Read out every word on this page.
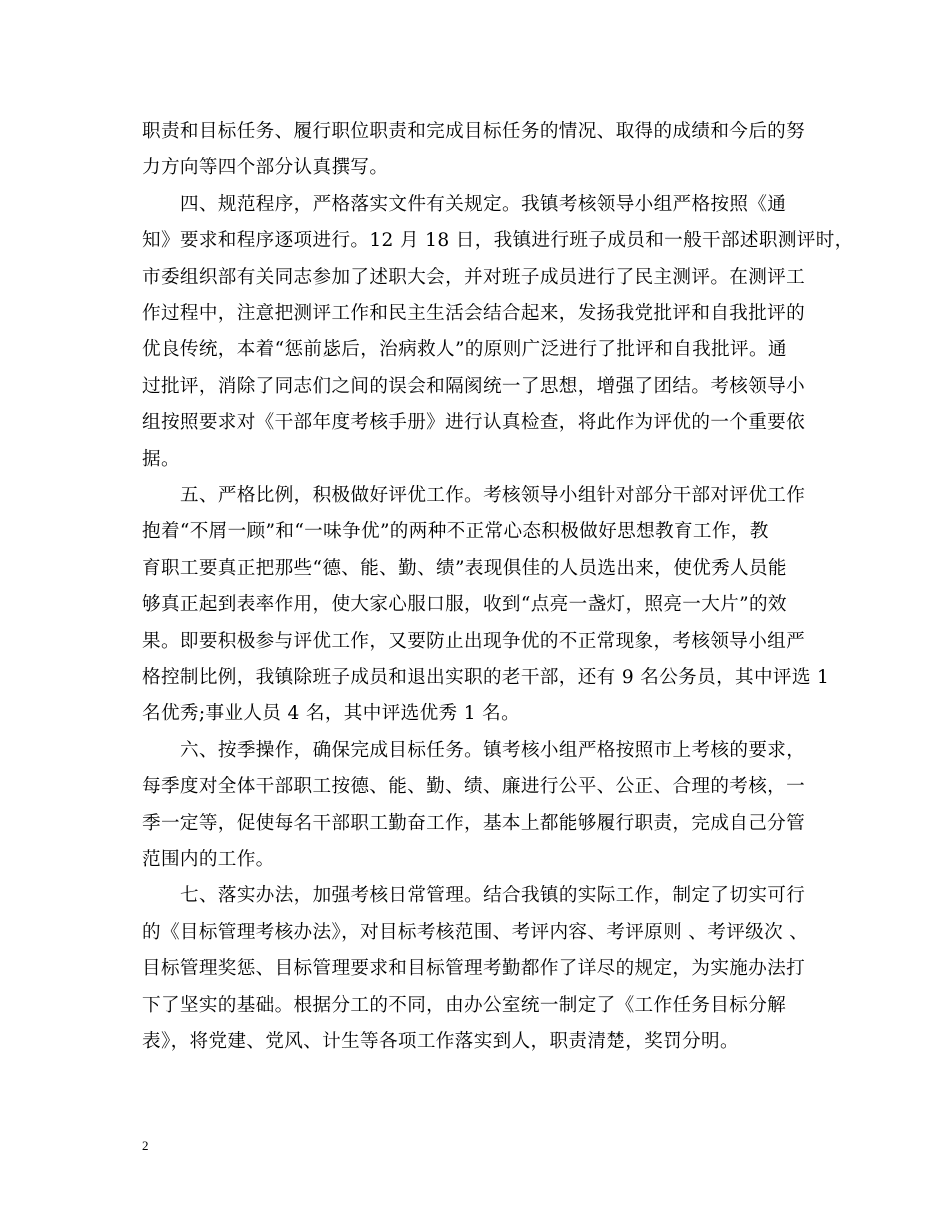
职责和目标任务、履行职位职责和完成目标任务的情况、取得的成绩和今后的努
力方向等四个部分认真撰写。
四、规范程序，严格落实文件有关规定。我镇考核领导小组严格按照《通
知》要求和程序逐项进行。12 月 18 日，我镇进行班子成员和一般干部述职测评时，
市委组织部有关同志参加了述职大会，并对班子成员进行了民主测评。在测评工
作过程中，注意把测评工作和民主生活会结合起来，发扬我党批评和自我批评的
优良传统，本着“惩前毖后，治病救人”的原则广泛进行了批评和自我批评。通
过批评，消除了同志们之间的误会和隔阂统一了思想，增强了团结。考核领导小
组按照要求对《干部年度考核手册》进行认真检查，将此作为评优的一个重要依
据。
五、严格比例，积极做好评优工作。考核领导小组针对部分干部对评优工作
抱着“不屑一顾”和“一味争优”的两种不正常心态积极做好思想教育工作，教
育职工要真正把那些“德、能、勤、绩”表现俱佳的人员选出来，使优秀人员能
够真正起到表率作用，使大家心服口服，收到“点亮一盏灯，照亮一大片”的效
果。即要积极参与评优工作，又要防止出现争优的不正常现象，考核领导小组严
格控制比例，我镇除班子成员和退出实职的老干部，还有 9 名公务员，其中评选 1
名优秀;事业人员 4 名，其中评选优秀 1 名。
六、按季操作，确保完成目标任务。镇考核小组严格按照市上考核的要求，
每季度对全体干部职工按德、能、勤、绩、廉进行公平、公正、合理的考核，一
季一定等，促使每名干部职工勤奋工作，基本上都能够履行职责，完成自己分管
范围内的工作。
七、落实办法，加强考核日常管理。结合我镇的实际工作，制定了切实可行
的《目标管理考核办法》，对目标考核范围、考评内容、考评原则 、考评级次 、
目标管理奖惩、目标管理要求和目标管理考勤都作了详尽的规定，为实施办法打
下了坚实的基础。根据分工的不同，由办公室统一制定了《工作任务目标分解
表》，将党建、党风、计生等各项工作落实到人，职责清楚，奖罚分明。
2
